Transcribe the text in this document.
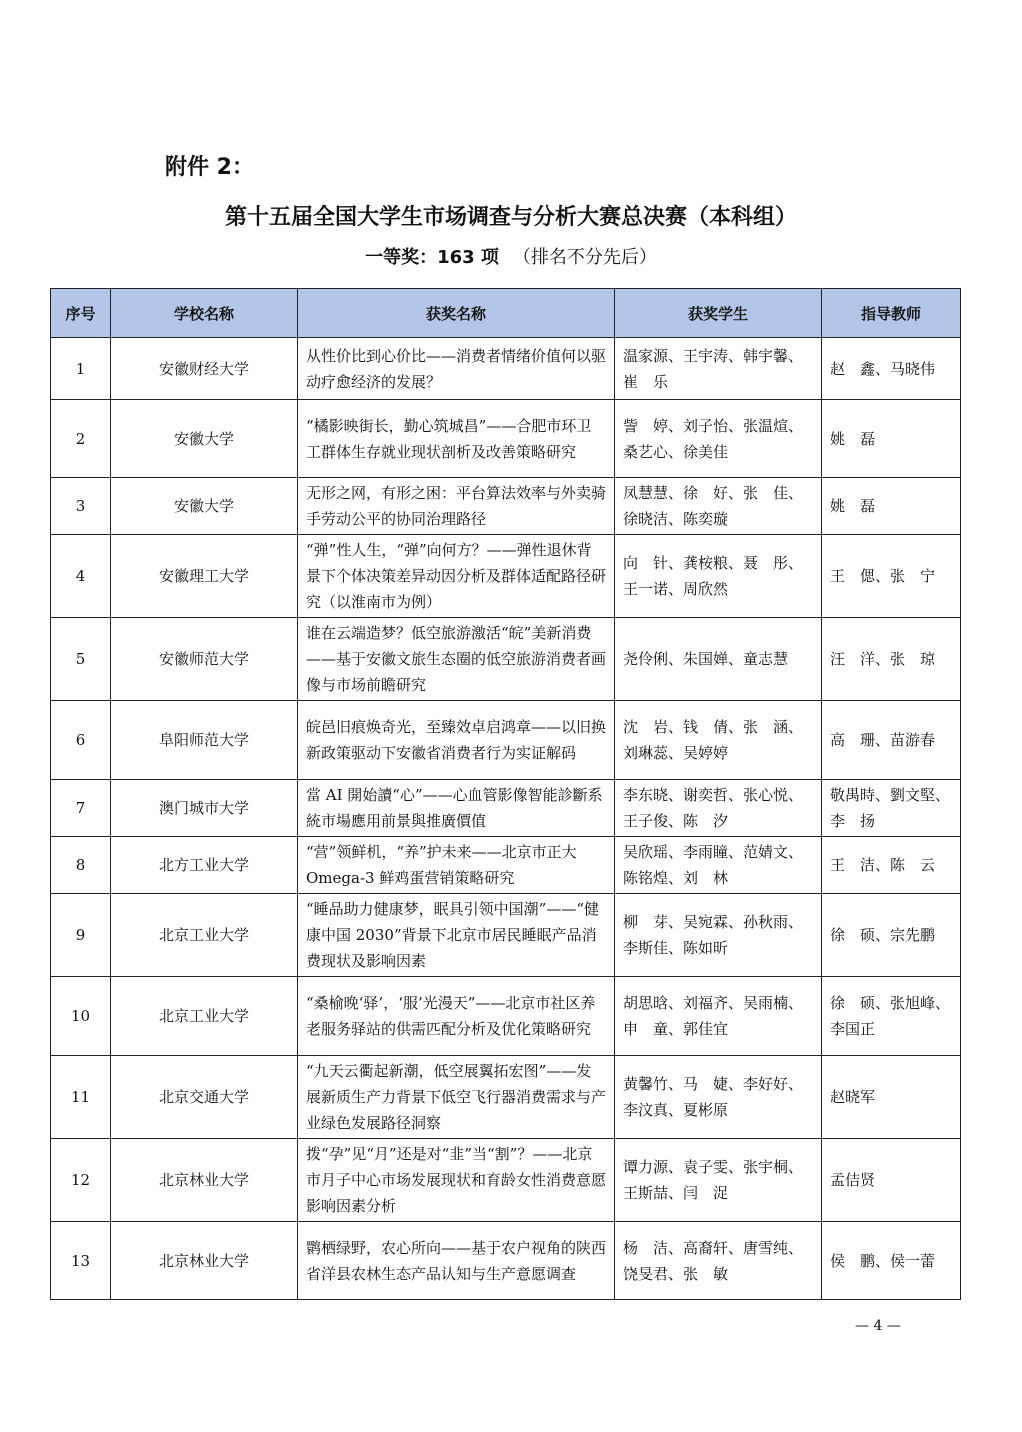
附件 2：
第十五届全国大学生市场调查与分析大赛总决赛（本科组）
一等奖：163 项 （排名不分先后）
序号	学校名称	获奖名称	获奖学生	指导教师
1	安徽财经大学	从性价比到心价比——消费者情绪价值何以驱动疗愈经济的发展？	温家源、王宇涛、韩宇馨、崔　乐	赵　鑫、马晓伟
2	安徽大学	“橘影映街长，勤心筑城昌”——合肥市环卫工群体生存就业现状剖析及改善策略研究	訾　婷、刘子怡、张温煊、桑艺心、徐美佳	姚　磊
3	安徽大学	无形之网，有形之困：平台算法效率与外卖骑手劳动公平的协同治理路径	凤慧慧、徐　好、张　佳、徐晓洁、陈奕璇	姚　磊
4	安徽理工大学	“弹”性人生，“弹”向何方？——弹性退休背景下个体决策差异动因分析及群体适配路径研究（以淮南市为例）	向　针、龚桉粮、聂　彤、王一诺、周欣然	王　偲、张　宁
5	安徽师范大学	谁在云端造梦？低空旅游激活“皖”美新消费——基于安徽文旅生态圈的低空旅游消费者画像与市场前瞻研究	尧伶俐、朱国婵、童志慧	汪　洋、张　琼
6	阜阳师范大学	皖邑旧痕焕奇光，至臻效卓启鸿章——以旧换新政策驱动下安徽省消费者行为实证解码	沈　岩、钱　倩、张　涵、刘琳蕊、吴婷婷	高　珊、苗游春
7	澳门城市大学	當 AI 開始讀“心”——心血管影像智能診斷系統市場應用前景與推廣價值	李东晓、谢奕哲、张心悦、王子俊、陈　汐	敬禺時、劉文堅、李　扬
8	北方工业大学	“营”领鲜机，“养”护未来——北京市正大 Omega-3 鲜鸡蛋营销策略研究	吴欣瑶、李雨瞳、范婧文、陈铭煌、刘　林	王　洁、陈　云
9	北京工业大学	“睡品助力健康梦，眠具引领中国潮”——“健康中国 2030”背景下北京市居民睡眠产品消费现状及影响因素	柳　芽、吴宛霖、孙秋雨、李斯佳、陈如昕	徐　硕、宗先鹏
10	北京工业大学	“桑榆晚‘驿’，‘服’光漫天”——北京市社区养老服务驿站的供需匹配分析及优化策略研究	胡思晗、刘福齐、吴雨楠、申　童、郭佳宜	徐　硕、张旭峰、李国正
11	北京交通大学	“九天云衢起新潮，低空展翼拓宏图”——发展新质生产力背景下低空飞行器消费需求与产业绿色发展路径洞察	黄馨竹、马　婕、李好好、李汶真、夏彬原	赵晓军
12	北京林业大学	拨“孕”见“月”还是对“韭”当“割”？——北京市月子中心市场发展现状和育龄女性消费意愿影响因素分析	谭力源、袁子雯、张宇桐、王斯喆、闫　浞	孟佶贤
13	北京林业大学	鹮栖绿野，农心所向——基于农户视角的陕西省洋县农林生态产品认知与生产意愿调查	杨　洁、高裔轩、唐雪纯、饶旻君、张　敏	侯　鹏、侯一蕾
— 4 —
